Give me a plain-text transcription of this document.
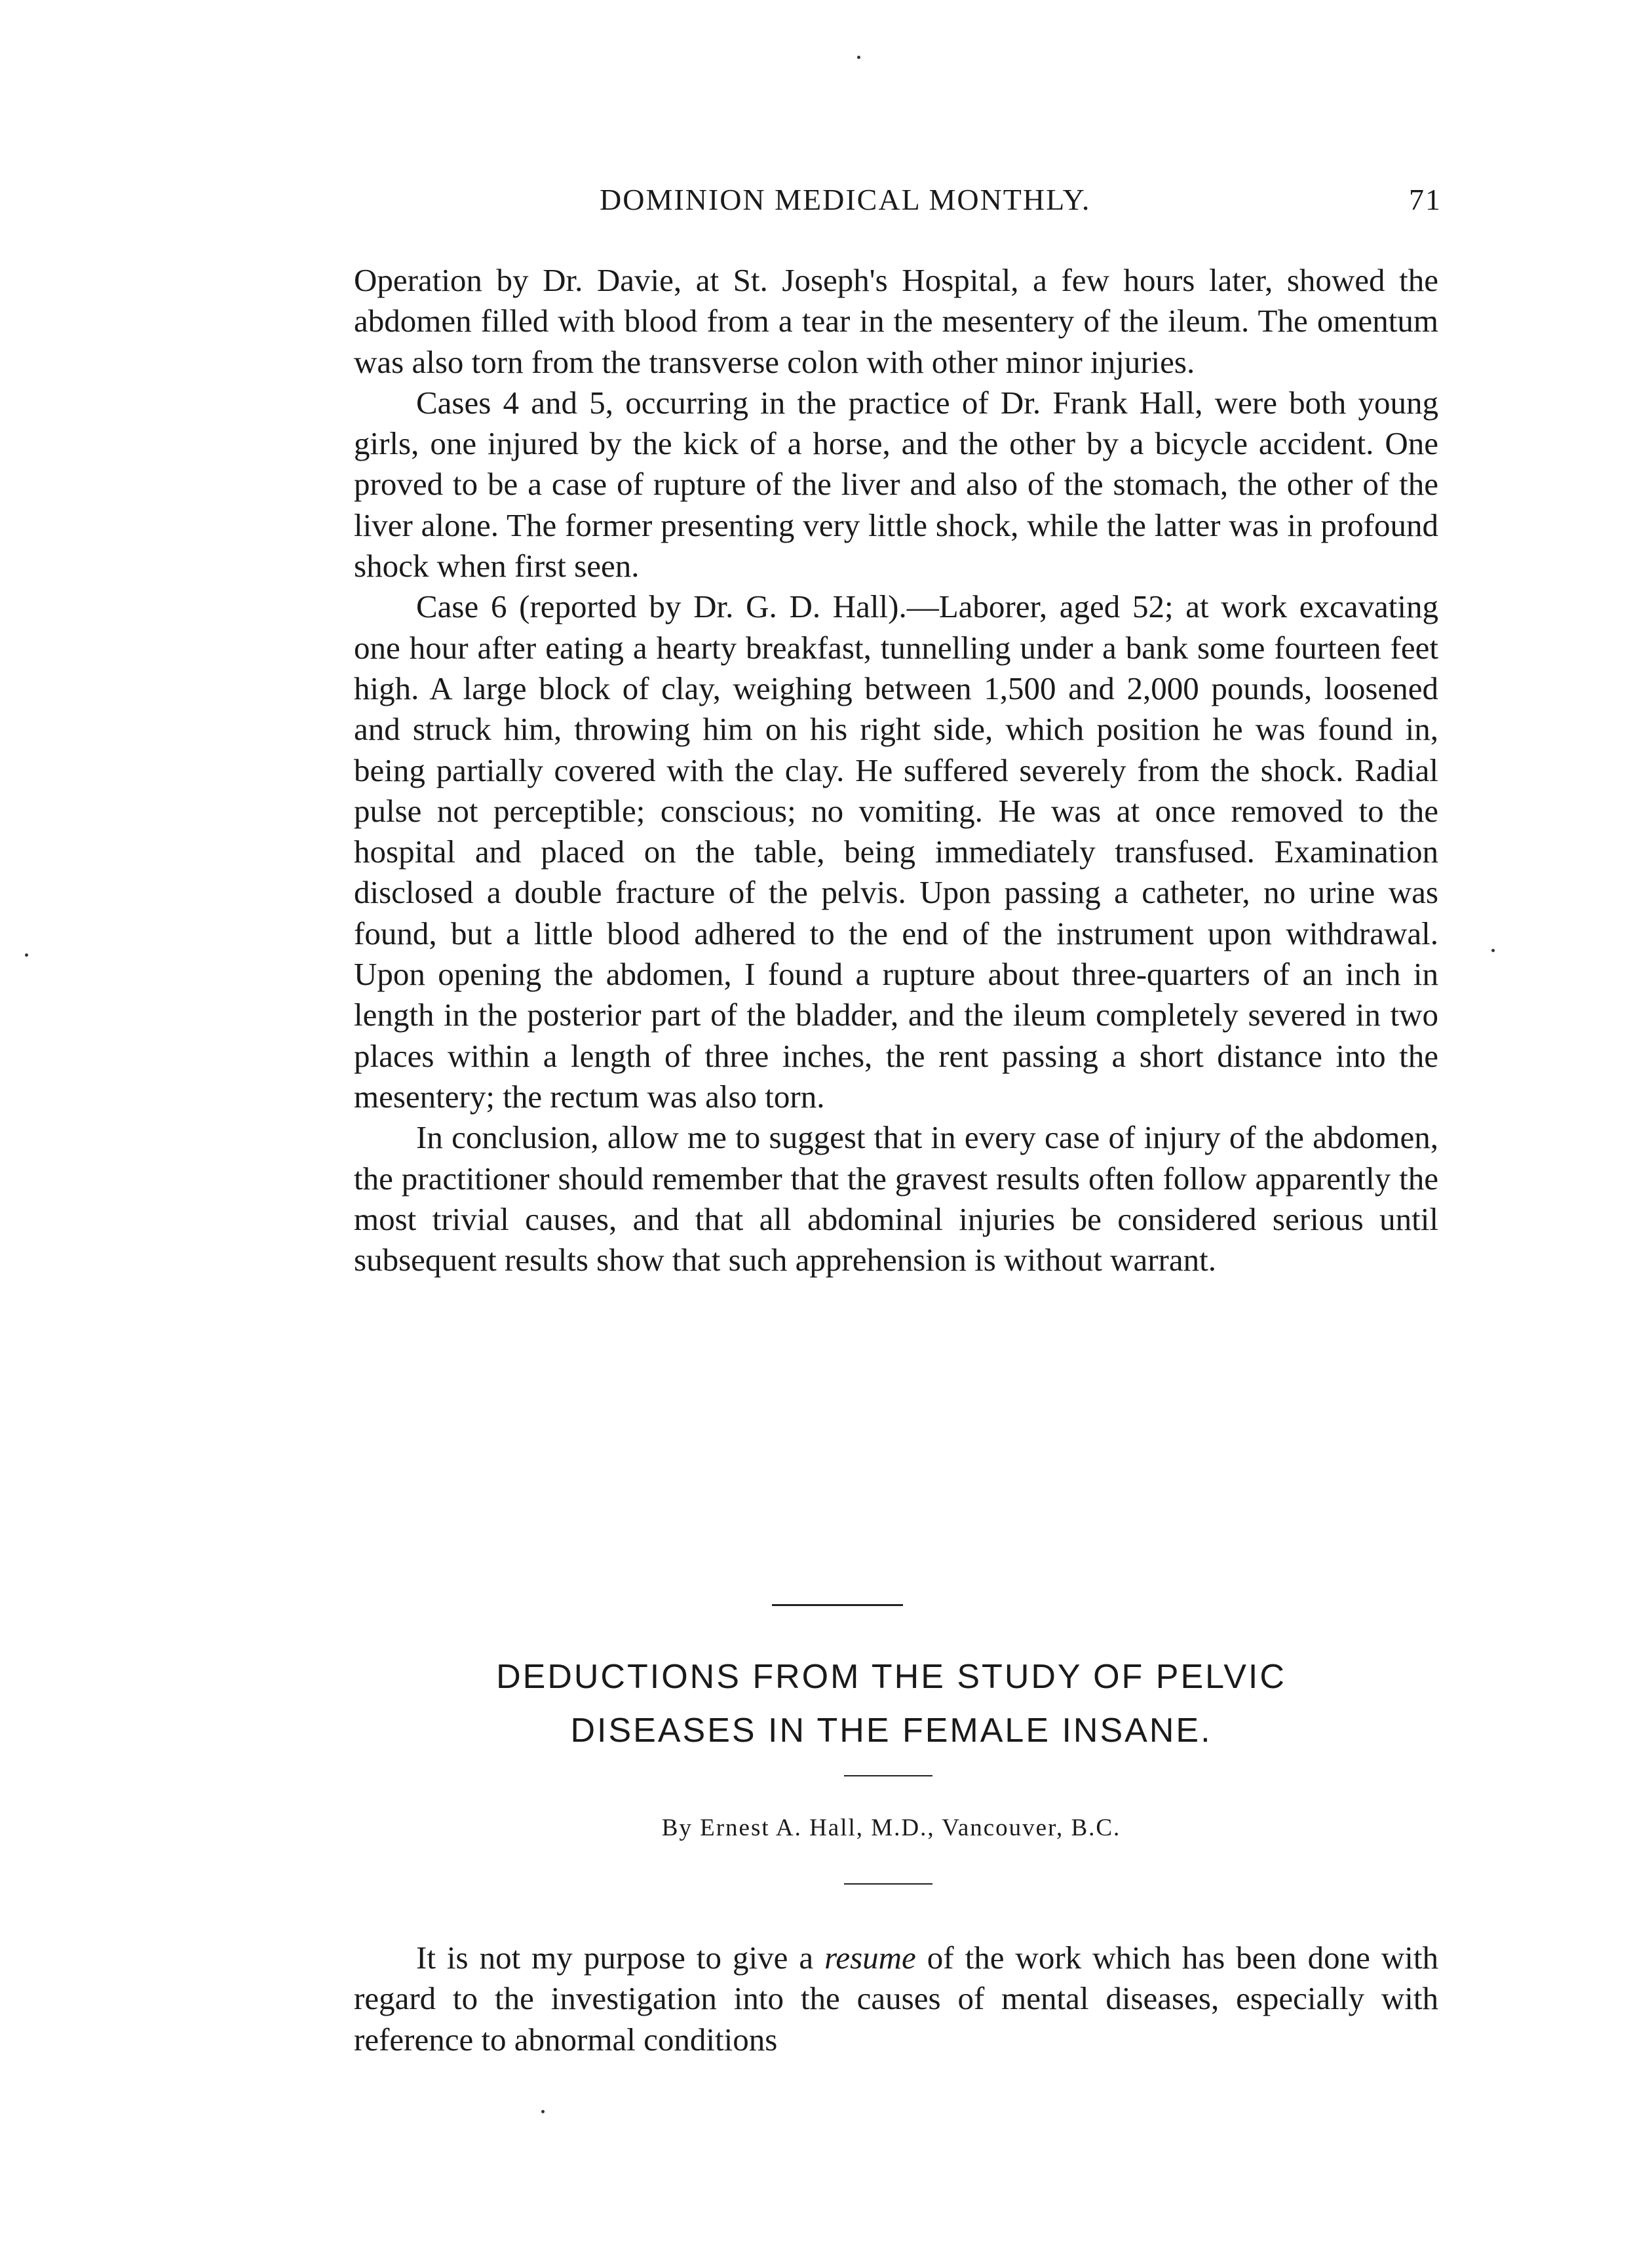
DOMINION MEDICAL MONTHLY.	71

Operation by Dr. Davie, at St. Joseph's Hospital, a few hours later, showed the abdomen filled with blood from a tear in the mesentery of the ileum. The omentum was also torn from the transverse colon with other minor injuries.

Cases 4 and 5, occurring in the practice of Dr. Frank Hall, were both young girls, one injured by the kick of a horse, and the other by a bicycle accident. One proved to be a case of rupture of the liver and also of the stomach, the other of the liver alone. The former presenting very little shock, while the latter was in profound shock when first seen.

Case 6 (reported by Dr. G. D. Hall).—Laborer, aged 52; at work excavating one hour after eating a hearty breakfast, tunnelling under a bank some fourteen feet high. A large block of clay, weighing between 1,500 and 2,000 pounds, loosened and struck him, throwing him on his right side, which position he was found in, being partially covered with the clay. He suffered severely from the shock. Radial pulse not perceptible; conscious; no vomiting. He was at once removed to the hospital and placed on the table, being immediately transfused. Examination disclosed a double fracture of the pelvis. Upon passing a catheter, no urine was found, but a little blood adhered to the end of the instrument upon withdrawal. Upon opening the abdomen, I found a rupture about three-quarters of an inch in length in the posterior part of the bladder, and the ileum completely severed in two places within a length of three inches, the rent passing a short distance into the mesentery; the rectum was also torn.

In conclusion, allow me to suggest that in every case of injury of the abdomen, the practitioner should remember that the gravest results often follow apparently the most trivial causes, and that all abdominal injuries be considered serious until subsequent results show that such apprehension is without warrant.

DEDUCTIONS FROM THE STUDY OF PELVIC
DISEASES IN THE FEMALE INSANE.
By Ernest A. Hall, M.D., Vancouver, B.C.

It is not my purpose to give a resume of the work which has been done with regard to the investigation into the causes of mental diseases, especially with reference to abnormal conditions
